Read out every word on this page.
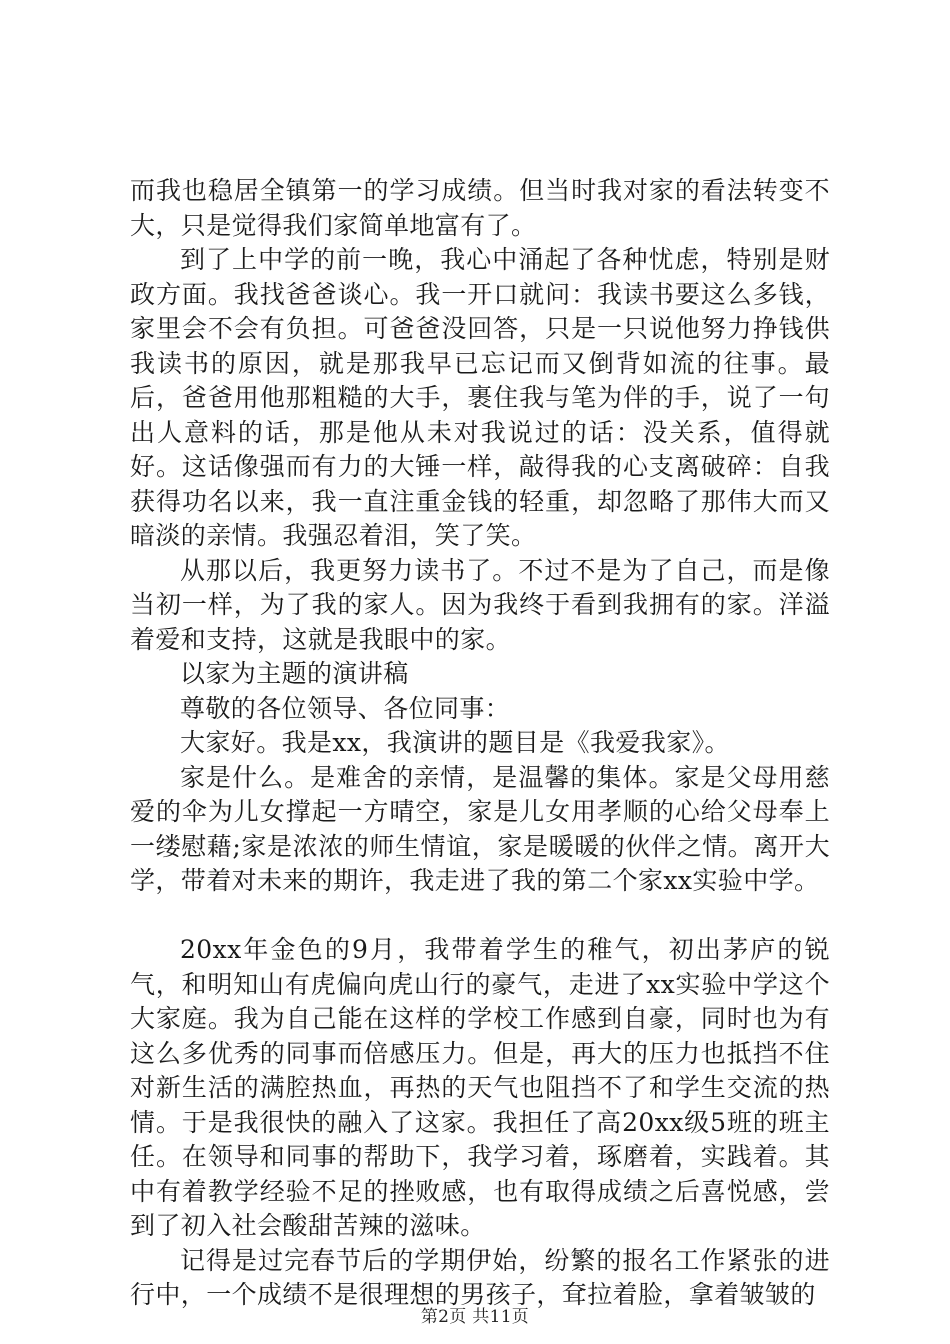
而我也稳居全镇第一的学习成绩。但当时我对家的看法转变不大，只是觉得我们家简单地富有了。

到了上中学的前一晚，我心中涌起了各种忧虑，特别是财政方面。我找爸爸谈心。我一开口就问：我读书要这么多钱，家里会不会有负担。可爸爸没回答，只是一只说他努力挣钱供我读书的原因，就是那我早已忘记而又倒背如流的往事。最后，爸爸用他那粗糙的大手，裹住我与笔为伴的手，说了一句出人意料的话，那是他从未对我说过的话：没关系，值得就好。这话像强而有力的大锤一样，敲得我的心支离破碎：自我获得功名以来，我一直注重金钱的轻重，却忽略了那伟大而又暗淡的亲情。我强忍着泪，笑了笑。

从那以后，我更努力读书了。不过不是为了自己，而是像当初一样，为了我的家人。因为我终于看到我拥有的家。洋溢着爱和支持，这就是我眼中的家。

以家为主题的演讲稿

尊敬的各位领导、各位同事：

大家好。我是xx，我演讲的题目是《我爱我家》。

家是什么。是难舍的亲情，是温馨的集体。家是父母用慈爱的伞为儿女撑起一方晴空，家是儿女用孝顺的心给父母奉上一缕慰藉;家是浓浓的师生情谊，家是暖暖的伙伴之情。离开大学，带着对未来的期许，我走进了我的第二个家xx实验中学。

20xx年金色的9月，我带着学生的稚气，初出茅庐的锐气，和明知山有虎偏向虎山行的豪气，走进了xx实验中学这个大家庭。我为自己能在这样的学校工作感到自豪，同时也为有这么多优秀的同事而倍感压力。但是，再大的压力也抵挡不住对新生活的满腔热血，再热的天气也阻挡不了和学生交流的热情。于是我很快的融入了这家。我担任了高20xx级5班的班主任。在领导和同事的帮助下，我学习着，琢磨着，实践着。其中有着教学经验不足的挫败感，也有取得成绩之后喜悦感，尝到了初入社会酸甜苦辣的滋味。

记得是过完春节后的学期伊始，纷繁的报名工作紧张的进行中，一个成绩不是很理想的男孩子，耷拉着脸，拿着皱皱的

第2页 共11页
